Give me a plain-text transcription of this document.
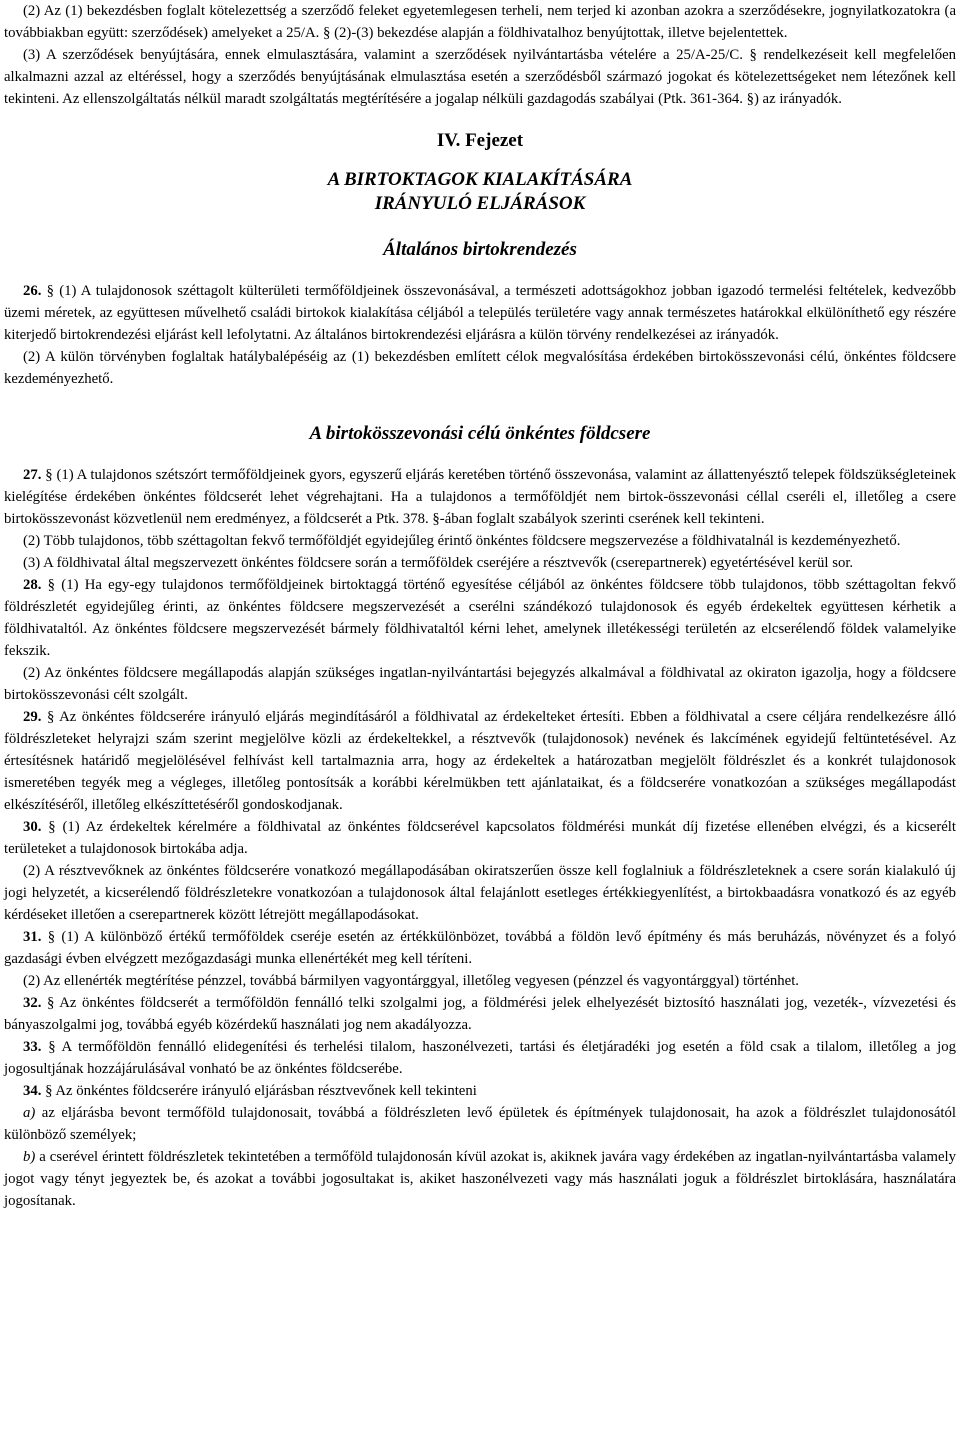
(2) Az (1) bekezdésben foglalt kötelezettség a szerződő feleket egyetemlegesen terheli, nem terjed ki azonban azokra a szerződésekre, jognyilatkozatokra (a továbbiakban együtt: szerződések) amelyeket a 25/A. § (2)-(3) bekezdése alapján a földhivatalhoz benyújtottak, illetve bejelentettek.

(3) A szerződések benyújtására, ennek elmulasztására, valamint a szerződések nyilvántartásba vételére a 25/A-25/C. § rendelkezéseit kell megfelelően alkalmazni azzal az eltéréssel, hogy a szerződés benyújtásának elmulasztása esetén a szerződésből származó jogokat és kötelezettségeket nem létezőnek kell tekinteni. Az ellenszolgáltatás nélkül maradt szolgáltatás megtérítésére a jogalap nélküli gazdagodás szabályai (Ptk. 361-364. §) az irányadók.

IV. Fejezet
A BIRTOKTAGOK KIALAKÍTÁSÁRA
IRÁNYULÓ ELJÁRÁSOK
Általános birtokrendezés

26. § (1) A tulajdonosok széttagolt külterületi termőföldjeinek összevonásával, a természeti adottságokhoz jobban igazodó termelési feltételek, kedvezőbb üzemi méretek, az együttesen művelhető családi birtokok kialakítása céljából a település területére vagy annak természetes határokkal elkülöníthető egy részére kiterjedő birtokrendezési eljárást kell lefolytatni. Az általános birtokrendezési eljárásra a külön törvény rendelkezései az irányadók.

(2) A külön törvényben foglaltak hatálybalépéséig az (1) bekezdésben említett célok megvalósítása érdekében birtokösszevonási célú, önkéntes földcsere kezdeményezhető.

A birtokösszevonási célú önkéntes földcsere

27. § (1) A tulajdonos szétszórt termőföldjeinek gyors, egyszerű eljárás keretében történő összevonása, valamint az állattenyésztő telepek földszükségleteinek kielégítése érdekében önkéntes földcserét lehet végrehajtani. Ha a tulajdonos a termőföldjét nem birtok-összevonási céllal cseréli el, illetőleg a csere birtokösszevonást közvetlenül nem eredményez, a földcserét a Ptk. 378. §-ában foglalt szabályok szerinti cserének kell tekinteni.

(2) Több tulajdonos, több széttagoltan fekvő termőföldjét egyidejűleg érintő önkéntes földcsere megszervezése a földhivatalnál is kezdeményezhető.

(3) A földhivatal által megszervezett önkéntes földcsere során a termőföldek cseréjére a résztvevők (cserepartnerek) egyetértésével kerül sor.

28. § (1) Ha egy-egy tulajdonos termőföldjeinek birtoktaggá történő egyesítése céljából az önkéntes földcsere több tulajdonos, több széttagoltan fekvő földrészletét egyidejűleg érinti, az önkéntes földcsere megszervezését a cserélni szándékozó tulajdonosok és egyéb érdekeltek együttesen kérhetik a földhivataltól. Az önkéntes földcsere megszervezését bármely földhivataltól kérni lehet, amelynek illetékességi területén az elcserélendő földek valamelyike fekszik.

(2) Az önkéntes földcsere megállapodás alapján szükséges ingatlan-nyilvántartási bejegyzés alkalmával a földhivatal az okiraton igazolja, hogy a földcsere birtokösszevonási célt szolgált.

29. § Az önkéntes földcserére irányuló eljárás megindításáról a földhivatal az érdekelteket értesíti. Ebben a földhivatal a csere céljára rendelkezésre álló földrészleteket helyrajzi szám szerint megjelölve közli az érdekeltekkel, a résztvevők (tulajdonosok) nevének és lakcímének egyidejű feltüntetésével. Az értesítésnek határidő megjelölésével felhívást kell tartalmaznia arra, hogy az érdekeltek a határozatban megjelölt földrészlet és a konkrét tulajdonosok ismeretében tegyék meg a végleges, illetőleg pontosítsák a korábbi kérelmükben tett ajánlataikat, és a földcserére vonatkozóan a szükséges megállapodást elkészítéséről, illetőleg elkészíttetéséről gondoskodjanak.

30. § (1) Az érdekeltek kérelmére a földhivatal az önkéntes földcserével kapcsolatos földmérési munkát díj fizetése ellenében elvégzi, és a kicserélt területeket a tulajdonosok birtokába adja.

(2) A résztvevőknek az önkéntes földcserére vonatkozó megállapodásában okiratszerűen össze kell foglalniuk a földrészleteknek a csere során kialakuló új jogi helyzetét, a kicserélendő földrészletekre vonatkozóan a tulajdonosok által felajánlott esetleges értékkiegyenlítést, a birtokbaadásra vonatkozó és az egyéb kérdéseket illetően a cserepartnerek között létrejött megállapodásokat.

31. § (1) A különböző értékű termőföldek cseréje esetén az értékkülönbözet, továbbá a földön levő építmény és más beruházás, növényzet és a folyó gazdasági évben elvégzett mezőgazdasági munka ellenértékét meg kell téríteni.

(2) Az ellenérték megtérítése pénzzel, továbbá bármilyen vagyontárggyal, illetőleg vegyesen (pénzzel és vagyontárggyal) történhet.

32. § Az önkéntes földcserét a termőföldön fennálló telki szolgalmi jog, a földmérési jelek elhelyezését biztosító használati jog, vezeték-, vízvezetési és bányaszolgalmi jog, továbbá egyéb közérdekű használati jog nem akadályozza.

33. § A termőföldön fennálló elidegenítési és terhelési tilalom, haszonélvezeti, tartási és életjáradéki jog esetén a föld csak a tilalom, illetőleg a jog jogosultjának hozzájárulásával vonható be az önkéntes földcserébe.

34. § Az önkéntes földcserére irányuló eljárásban résztvevőnek kell tekinteni

a) az eljárásba bevont termőföld tulajdonosait, továbbá a földrészleten levő épületek és építmények tulajdonosait, ha azok a földrészlet tulajdonosától különböző személyek;

b) a cserével érintett földrészletek tekintetében a termőföld tulajdonosán kívül azokat is, akiknek javára vagy érdekében az ingatlan-nyilvántartásba valamely jogot vagy tényt jegyeztek be, és azokat a további jogosultakat is, akiket haszonélvezeti vagy más használati joguk a földrészlet birtoklására, használatára jogosítanak.
